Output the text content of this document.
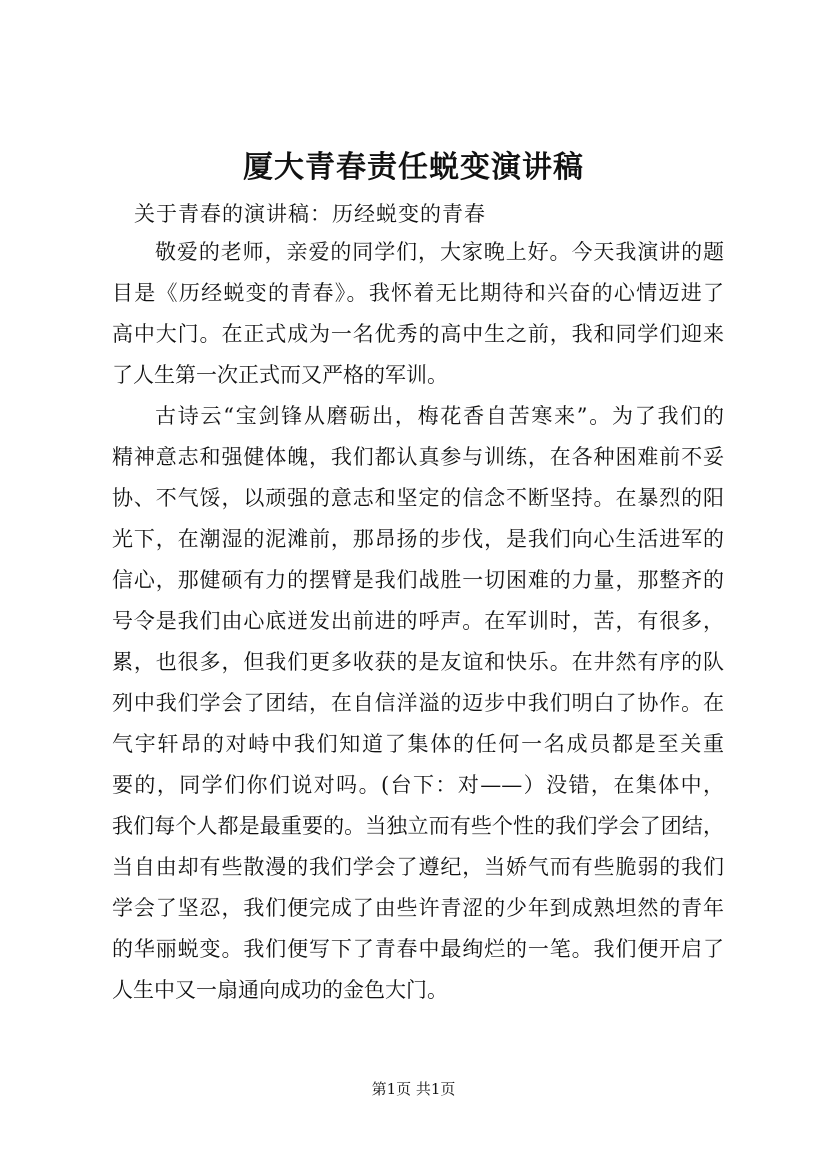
厦大青春责任蜕变演讲稿

关于青春的演讲稿：历经蜕变的青春

敬爱的老师，亲爱的同学们，大家晚上好。今天我演讲的题
目是《历经蜕变的青春》。我怀着无比期待和兴奋的心情迈进了
高中大门。在正式成为一名优秀的高中生之前，我和同学们迎来
了人生第一次正式而又严格的军训。

古诗云“宝剑锋从磨砺出，梅花香自苦寒来”。为了我们的
精神意志和强健体魄，我们都认真参与训练，在各种困难前不妥
协、不气馁，以顽强的意志和坚定的信念不断坚持。在暴烈的阳
光下，在潮湿的泥滩前，那昂扬的步伐，是我们向心生活进军的
信心，那健硕有力的摆臂是我们战胜一切困难的力量，那整齐的
号令是我们由心底迸发出前进的呼声。在军训时，苦，有很多，
累，也很多，但我们更多收获的是友谊和快乐。在井然有序的队
列中我们学会了团结，在自信洋溢的迈步中我们明白了协作。在
气宇轩昂的对峙中我们知道了集体的任何一名成员都是至关重
要的，同学们你们说对吗。(台下：对——）没错，在集体中，
我们每个人都是最重要的。当独立而有些个性的我们学会了团结，
当自由却有些散漫的我们学会了遵纪，当娇气而有些脆弱的我们
学会了坚忍，我们便完成了由些许青涩的少年到成熟坦然的青年
的华丽蜕变。我们便写下了青春中最绚烂的一笔。我们便开启了
人生中又一扇通向成功的金色大门。

第1页 共1页
